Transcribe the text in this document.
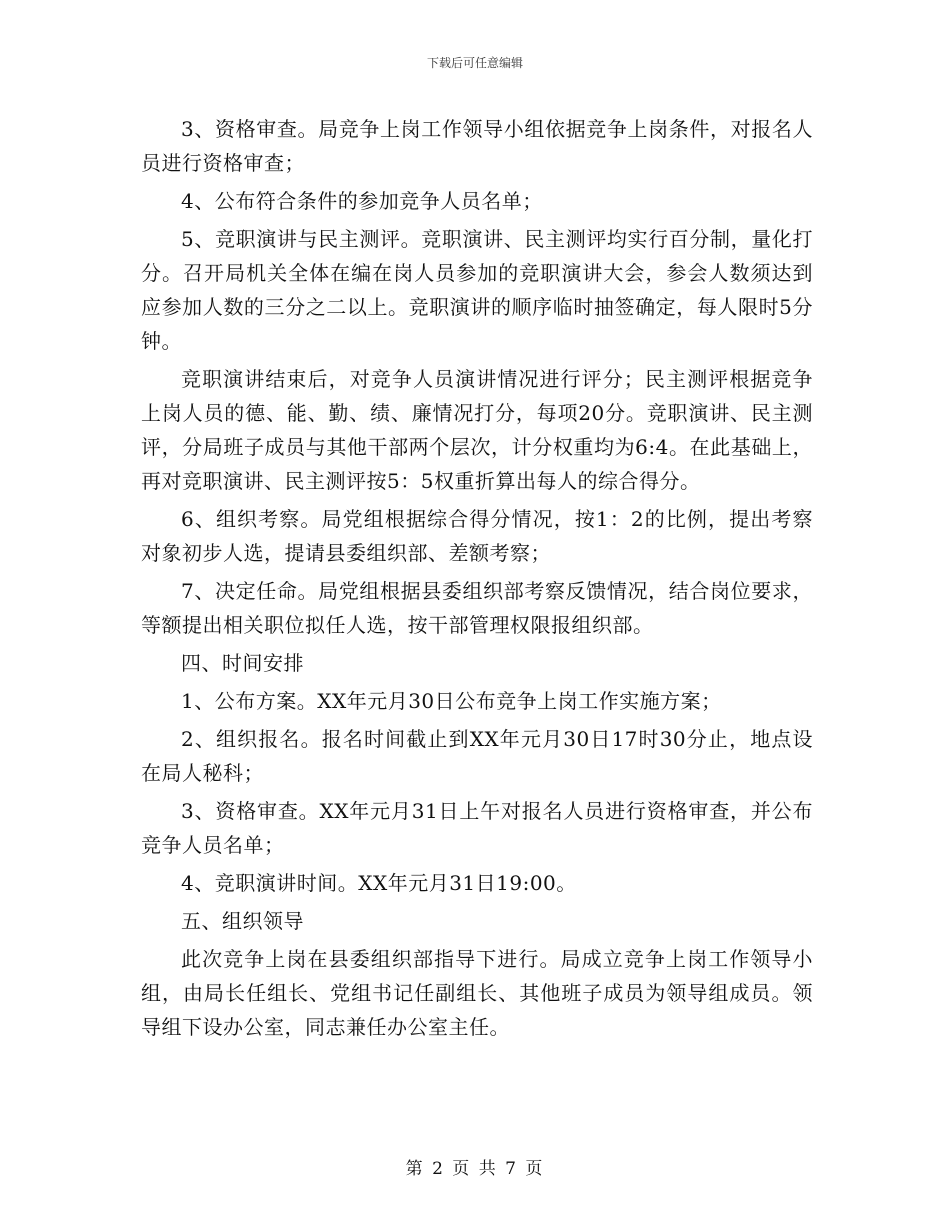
下载后可任意编辑

3、资格审查。局竞争上岗工作领导小组依据竞争上岗条件，对报名人员进行资格审查；

4、公布符合条件的参加竞争人员名单；

5、竞职演讲与民主测评。竞职演讲、民主测评均实行百分制，量化打分。召开局机关全体在编在岗人员参加的竞职演讲大会，参会人数须达到应参加人数的三分之二以上。竞职演讲的顺序临时抽签确定，每人限时5分钟。

竞职演讲结束后，对竞争人员演讲情况进行评分；民主测评根据竞争上岗人员的德、能、勤、绩、廉情况打分，每项20分。竞职演讲、民主测评，分局班子成员与其他干部两个层次，计分权重均为6:4。在此基础上，再对竞职演讲、民主测评按5：5权重折算出每人的综合得分。

6、组织考察。局党组根据综合得分情况，按1：2的比例，提出考察对象初步人选，提请县委组织部、差额考察；

7、决定任命。局党组根据县委组织部考察反馈情况，结合岗位要求，等额提出相关职位拟任人选，按干部管理权限报组织部。

四、时间安排

1、公布方案。XX年元月30日公布竞争上岗工作实施方案；

2、组织报名。报名时间截止到XX年元月30日17时30分止，地点设在局人秘科；

3、资格审查。XX年元月31日上午对报名人员进行资格审查，并公布竞争人员名单；

4、竞职演讲时间。XX年元月31日19:00。

五、组织领导

此次竞争上岗在县委组织部指导下进行。局成立竞争上岗工作领导小组，由局长任组长、党组书记任副组长、其他班子成员为领导组成员。领导组下设办公室，同志兼任办公室主任。

第 2 页 共 7 页
